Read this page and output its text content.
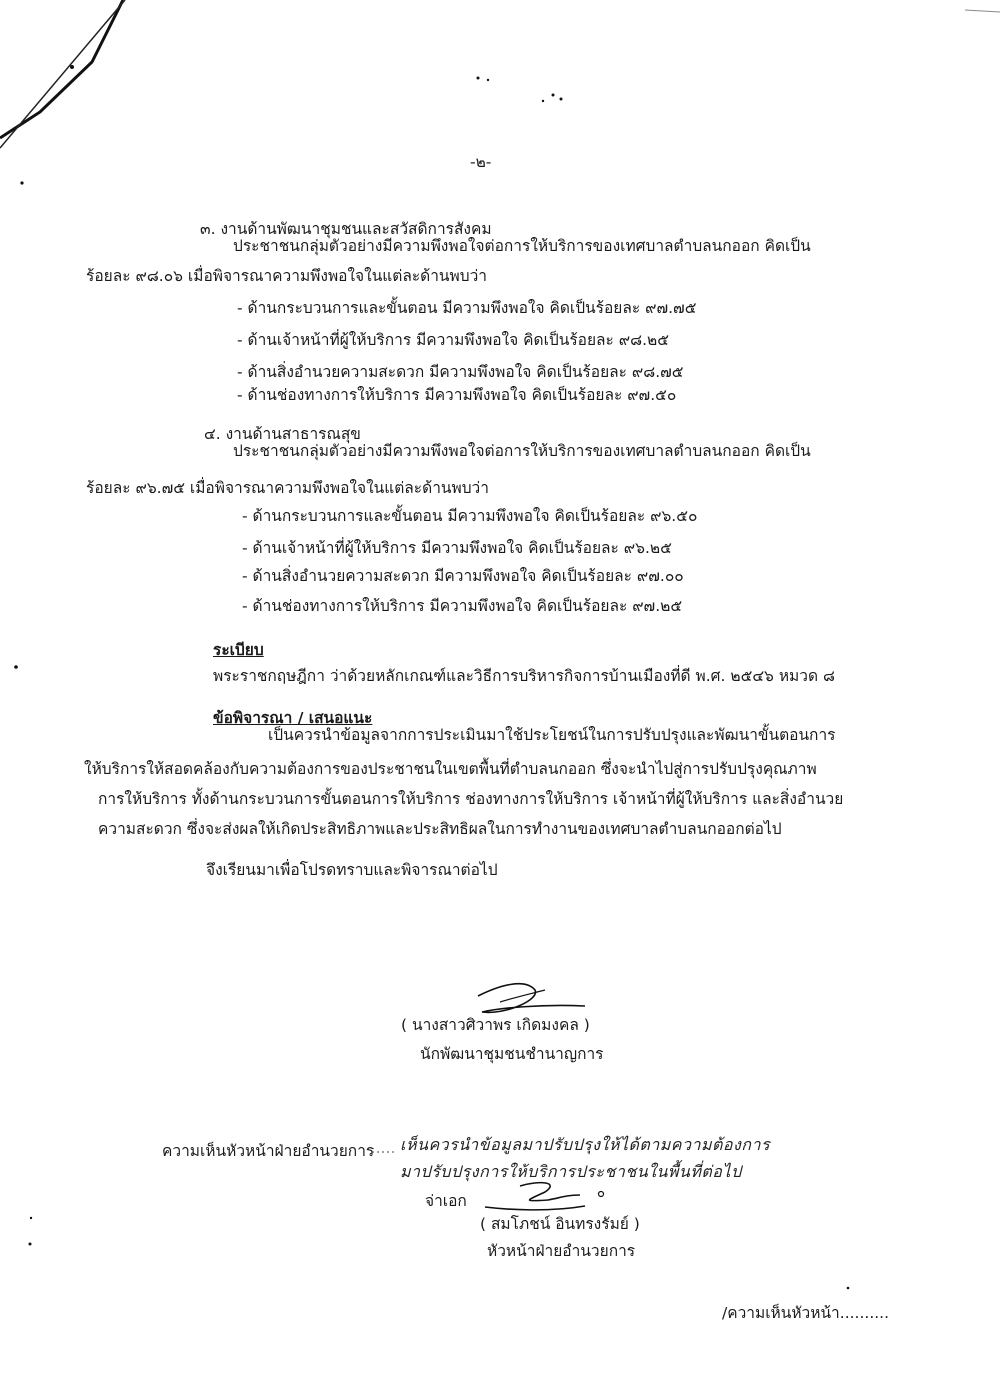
-๒-
๓. งานด้านพัฒนาชุมชนและสวัสดิการสังคม
ประชาชนกลุ่มตัวอย่างมีความพึงพอใจต่อการให้บริการของเทศบาลตำบลนกออก คิดเป็น
ร้อยละ ๙๘.๐๖ เมื่อพิจารณาความพึงพอใจในแต่ละด้านพบว่า
- ด้านกระบวนการและขั้นตอน มีความพึงพอใจ คิดเป็นร้อยละ ๙๗.๗๕
- ด้านเจ้าหน้าที่ผู้ให้บริการ มีความพึงพอใจ คิดเป็นร้อยละ ๙๘.๒๕
- ด้านสิ่งอำนวยความสะดวก มีความพึงพอใจ คิดเป็นร้อยละ ๙๘.๗๕
- ด้านช่องทางการให้บริการ มีความพึงพอใจ คิดเป็นร้อยละ ๙๗.๕๐
๔. งานด้านสาธารณสุข
ประชาชนกลุ่มตัวอย่างมีความพึงพอใจต่อการให้บริการของเทศบาลตำบลนกออก คิดเป็น
ร้อยละ ๙๖.๗๕ เมื่อพิจารณาความพึงพอใจในแต่ละด้านพบว่า
- ด้านกระบวนการและขั้นตอน มีความพึงพอใจ คิดเป็นร้อยละ ๙๖.๕๐
- ด้านเจ้าหน้าที่ผู้ให้บริการ มีความพึงพอใจ คิดเป็นร้อยละ ๙๖.๒๕
- ด้านสิ่งอำนวยความสะดวก มีความพึงพอใจ คิดเป็นร้อยละ ๙๗.๐๐
- ด้านช่องทางการให้บริการ มีความพึงพอใจ คิดเป็นร้อยละ ๙๗.๒๕
ระเบียบ
พระราชกฤษฎีกา ว่าด้วยหลักเกณฑ์และวิธีการบริหารกิจการบ้านเมืองที่ดี พ.ศ. ๒๕๔๖ หมวด ๘
ข้อพิจารณา / เสนอแนะ
เป็นควรนำข้อมูลจากการประเมินมาใช้ประโยชน์ในการปรับปรุงและพัฒนาขั้นตอนการ
ให้บริการให้สอดคล้องกับความต้องการของประชาชนในเขตพื้นที่ตำบลนกออก ซึ่งจะนำไปสู่การปรับปรุงคุณภาพ
การให้บริการ ทั้งด้านกระบวนการขั้นตอนการให้บริการ ช่องทางการให้บริการ เจ้าหน้าที่ผู้ให้บริการ และสิ่งอำนวย
ความสะดวก ซึ่งจะส่งผลให้เกิดประสิทธิภาพและประสิทธิผลในการทำงานของเทศบาลตำบลนกออกต่อไป
จึงเรียนมาเพื่อโปรดทราบและพิจารณาต่อไป
( นางสาวศิวาพร เกิดมงคล )
นักพัฒนาชุมชนชำนาญการ
ความเห็นหัวหน้าฝ่ายอำนวยการ เห็นควรนำข้อมูลมาปรับปรุงให้ได้ตามความต้องการ
มาปรับปรุงการให้บริการประชาชนในพื้นที่ต่อไป
จ่าเอก
( สมโภชน์ อินทรงรัมย์ )
หัวหน้าฝ่ายอำนวยการ
/ความเห็นหัวหน้า..........
